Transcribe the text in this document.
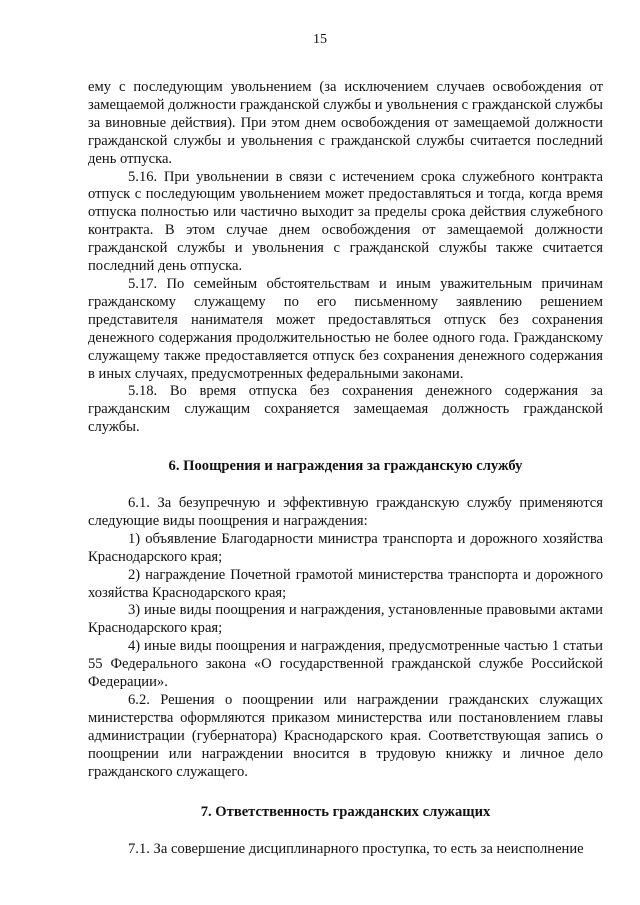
15

ему с последующим увольнением (за исключением случаев освобождения от замещаемой должности гражданской службы и увольнения с гражданской службы за виновные действия). При этом днем освобождения от замещаемой должности гражданской службы и увольнения с гражданской службы считается последний день отпуска.

5.16. При увольнении в связи с истечением срока служебного контракта отпуск с последующим увольнением может предоставляться и тогда, когда время отпуска полностью или частично выходит за пределы срока действия служебного контракта. В этом случае днем освобождения от замещаемой должности гражданской службы и увольнения с гражданской службы также считается последний день отпуска.

5.17. По семейным обстоятельствам и иным уважительным причинам гражданскому служащему по его письменному заявлению решением представителя нанимателя может предоставляться отпуск без сохранения денежного содержания продолжительностью не более одного года. Гражданскому служащему также предоставляется отпуск без сохранения денежного содержания в иных случаях, предусмотренных федеральными законами.

5.18. Во время отпуска без сохранения денежного содержания за гражданским служащим сохраняется замещаемая должность гражданской службы.

6. Поощрения и награждения за гражданскую службу

6.1. За безупречную и эффективную гражданскую службу применяются следующие виды поощрения и награждения:

1) объявление Благодарности министра транспорта и дорожного хозяйства Краснодарского края;

2) награждение Почетной грамотой министерства транспорта и дорожного хозяйства Краснодарского края;

3) иные виды поощрения и награждения, установленные правовыми актами Краснодарского края;

4) иные виды поощрения и награждения, предусмотренные частью 1 статьи 55 Федерального закона «О государственной гражданской службе Российской Федерации».

6.2. Решения о поощрении или награждении гражданских служащих министерства оформляются приказом министерства или постановлением главы администрации (губернатора) Краснодарского края. Соответствующая запись о поощрении или награждении вносится в трудовую книжку и личное дело гражданского служащего.

7. Ответственность гражданских служащих

7.1. За совершение дисциплинарного проступка, то есть за неисполнение
